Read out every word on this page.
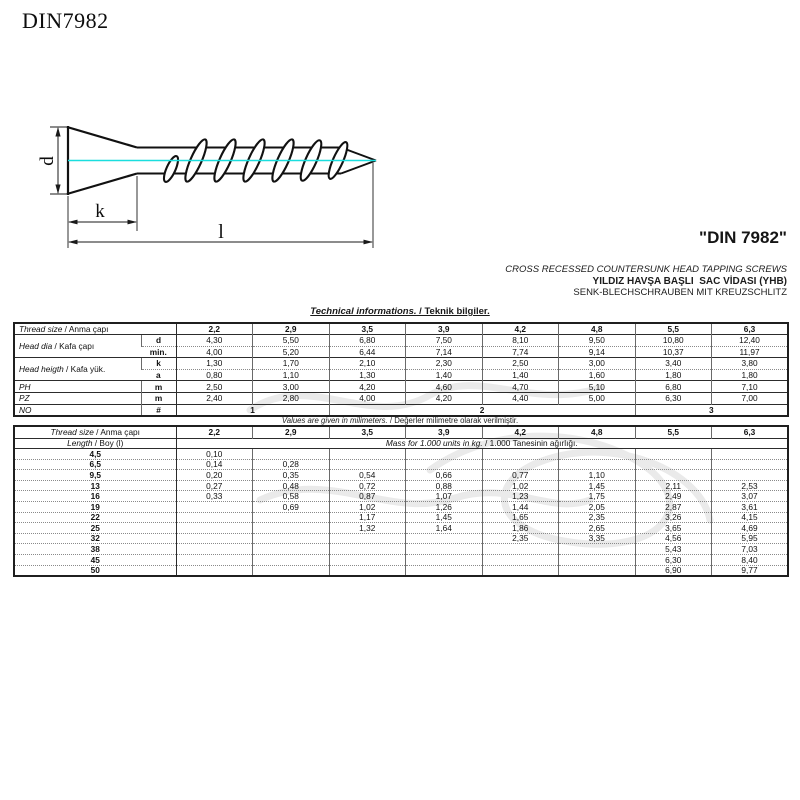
DIN7982
d
k
l	"DIN 7982"
CROSS RECESSED COUNTERSUNK HEAD TAPPING SCREWS
YILDIZ HAVŞA BAŞLI  SAC VİDASI (YHB)
SENK-BLECHSCHRAUBEN MIT KREUZSCHLITZ
Technical informations. / Teknik bilgiler.
Thread size / Anma çapı		2,2	2,9	3,5	3,9	4,2	4,8	5,5	6,3
Head dia / Kafa çapı	d	4,30	5,50	6,80	7,50	8,10	9,50	10,80	12,40
	min.	4,00	5,20	6,44	7,14	7,74	9,14	10,37	11,97
Head heigth / Kafa yük.	k	1,30	1,70	2,10	2,30	2,50	3,00	3,40	3,80
	a	0,80	1,10	1,30	1,40	1,40	1,60	1,80	1,80
PH	m	2,50	3,00	4,20	4,60	4,70	5,10	6,80	7,10
PZ	m	2,40	2,80	4,00	4,20	4,40	5,00	6,30	7,00
NO	#	1		2				3	
Values are given in milimeters. / Değerler milimetre olarak verilmiştir.
Thread size / Anma çapı	2,2	2,9	3,5	3,9	4,2	4,8	5,5	6,3
Length / Boy (l)	Mass for 1.000 units in kg. / 1.000 Tanesinin ağırlığı.							
4,5	0,10							
6,5	0,14	0,28						
9,5	0,20	0,35	0,54	0,66	0,77	1,10		
13	0,27	0,48	0,72	0,88	1,02	1,45	2,11	2,53
16	0,33	0,58	0,87	1,07	1,23	1,75	2,49	3,07
19		0,69	1,02	1,26	1,44	2,05	2,87	3,61
22			1,17	1,45	1,65	2,35	3,26	4,15
25			1,32	1,64	1,86	2,65	3,65	4,69
32					2,35	3,35	4,56	5,95
38							5,43	7,03
45							6,30	8,40
50							6,90	9,77
